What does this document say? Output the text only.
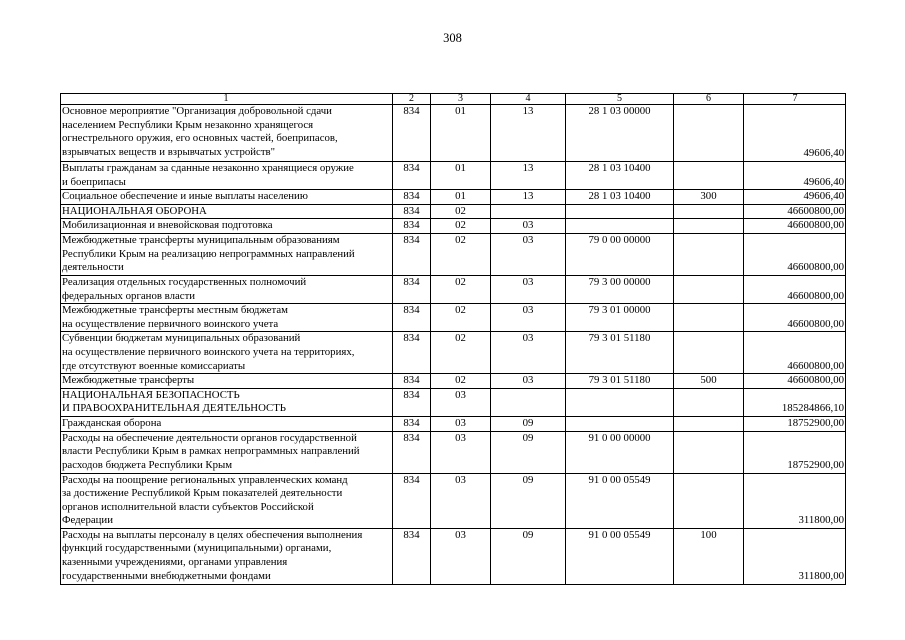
308
1	2	3	4	5	6	7
Основное мероприятие "Организация добровольной сдачи
населением Республики Крым незаконно хранящегося
огнестрельного оружия, его основных частей, боеприпасов,
взрывчатых веществ и взрывчатых устройств"	834	01	13	28 1 03 00000		49606,40
Выплаты гражданам за сданные незаконно хранящиеся оружие
и боеприпасы	834	01	13	28 1 03 10400		49606,40
Социальное обеспечение и иные выплаты населению	834	01	13	28 1 03 10400	300	49606,40
НАЦИОНАЛЬНАЯ ОБОРОНА	834	02				46600800,00
Мобилизационная и вневойсковая подготовка	834	02	03			46600800,00
Межбюджетные трансферты муниципальным образованиям
Республики Крым на реализацию непрограммных направлений
деятельности	834	02	03	79 0 00 00000		46600800,00
Реализация отдельных государственных полномочий
федеральных органов власти	834	02	03	79 3 00 00000		46600800,00
Межбюджетные трансферты местным бюджетам
на осуществление первичного воинского учета	834	02	03	79 3 01 00000		46600800,00
Субвенции бюджетам муниципальных образований
на осуществление первичного воинского учета на территориях,
где отсутствуют военные комиссариаты	834	02	03	79 3 01 51180		46600800,00
Межбюджетные трансферты	834	02	03	79 3 01 51180	500	46600800,00
НАЦИОНАЛЬНАЯ БЕЗОПАСНОСТЬ
И ПРАВООХРАНИТЕЛЬНАЯ ДЕЯТЕЛЬНОСТЬ	834	03				185284866,10
Гражданская оборона	834	03	09			18752900,00
Расходы на обеспечение деятельности органов государственной
власти Республики Крым в рамках непрограммных направлений
расходов бюджета Республики Крым	834	03	09	91 0 00 00000		18752900,00
Расходы на поощрение региональных управленческих команд
за достижение Республикой Крым показателей деятельности
органов исполнительной власти субъектов Российской
Федерации	834	03	09	91 0 00 05549		311800,00
Расходы на выплаты персоналу в целях обеспечения выполнения
функций государственными (муниципальными) органами,
казенными учреждениями, органами управления
государственными внебюджетными фондами	834	03	09	91 0 00 05549	100	311800,00
